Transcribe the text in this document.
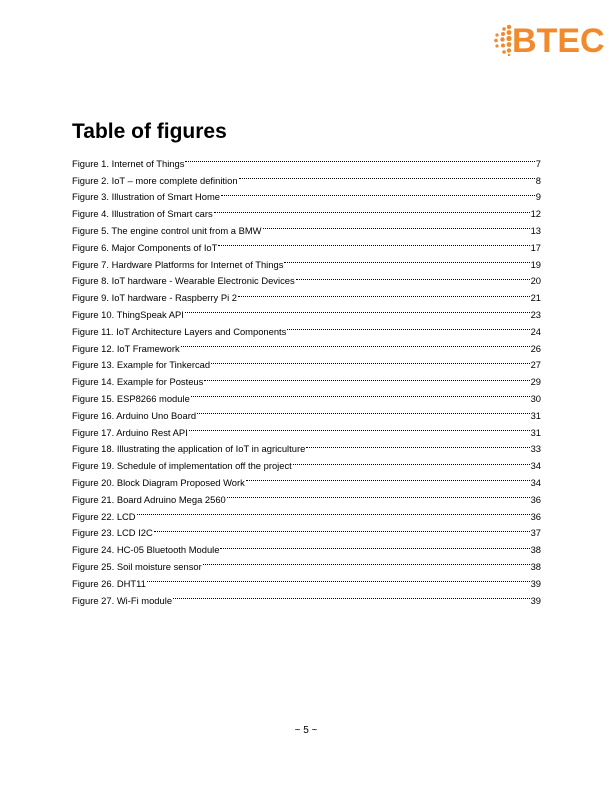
BTEC
Table of figures
Figure 1. Internet of Things	7
Figure 2. IoT – more complete definition	8
Figure 3. Illustration of Smart Home	9
Figure 4. Illustration of Smart cars	12
Figure 5. The engine control unit from a BMW	13
Figure 6. Major Components of IoT	17
Figure 7. Hardware Platforms for Internet of Things	19
Figure 8. IoT hardware - Wearable Electronic Devices	20
Figure 9. IoT hardware - Raspberry Pi 2	21
Figure 10. ThingSpeak API	23
Figure 11. IoT Architecture Layers and Components	24
Figure 12. IoT Framework	26
Figure 13. Example for Tinkercad	27
Figure 14. Example for Posteus	29
Figure 15. ESP8266 module	30
Figure 16. Arduino Uno Board	31
Figure 17. Arduino Rest API	31
Figure 18. Illustrating the application of IoT in agriculture	33
Figure 19. Schedule of implementation off the project	34
Figure 20. Block Diagram Proposed Work	34
Figure 21. Board Adruino Mega 2560	36
Figure 22. LCD	36
Figure 23. LCD I2C	37
Figure 24. HC-05 Bluetooth Module	38
Figure 25. Soil moisture sensor	38
Figure 26. DHT11	39
Figure 27. Wi-Fi module	39
~ 5 ~
